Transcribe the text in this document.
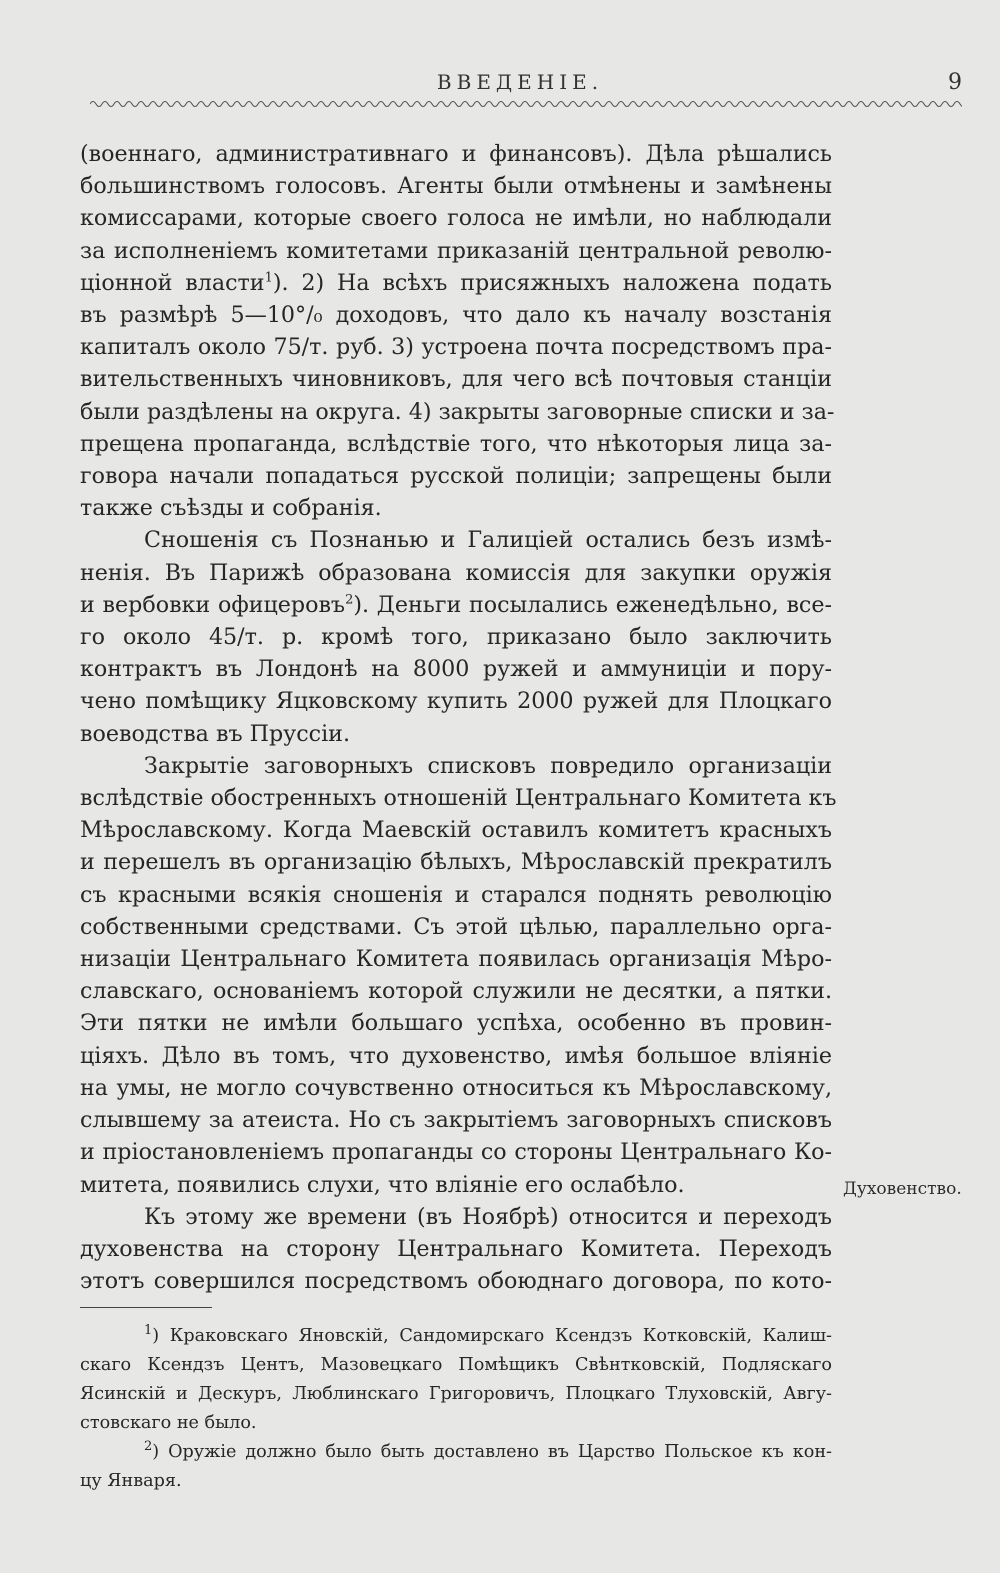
ВВЕДЕНІЕ.	9
(военнаго, административнаго и финансовъ). Дѣла рѣшались
большинствомъ голосовъ. Агенты были отмѣнены и замѣнены
комиссарами, которые своего голоса не имѣли, но наблюдали
за исполненіемъ комитетами приказаній центральной револю-
ціонной власти$^1$). 2) На всѣхъ присяжныхъ наложена подать
въ размѣрѣ 5—10°/₀ доходовъ, что дало къ началу возстанія
капиталъ около 75/т. руб. 3) устроена почта посредствомъ пра-
вительственныхъ чиновниковъ, для чего всѣ почтовыя станціи
были раздѣлены на округа. 4) закрыты заговорные списки и за-
прещена пропаганда, вслѣдствіе того, что нѣкоторыя лица за-
говора начали попадаться русской полиціи; запрещены были
также съѣзды и собранія.
Сношенія съ Познанью и Галиціей остались безъ измѣ-
ненія. Въ Парижѣ образована комиссія для закупки оружія
и вербовки офицеровъ$^2$). Деньги посылались еженедѣльно, все-
го около 45/т. р. кромѣ того, приказано было заключить
контрактъ въ Лондонѣ на 8000 ружей и аммуниціи и пору-
чено помѣщику Яцковскому купить 2000 ружей для Плоцкаго
воеводства въ Пруссіи.
Закрытіе заговорныхъ списковъ повредило организаціи
вслѣдствіе обостренныхъ отношеній Центральнаго Комитета къ
Мѣрославскому. Когда Маевскій оставилъ комитетъ красныхъ
и перешелъ въ организацію бѣлыхъ, Мѣрославскій прекратилъ
съ красными всякія сношенія и старался поднять революцію
собственными средствами. Съ этой цѣлью, параллельно орга-
низаціи Центральнаго Комитета появилась организація Мѣро-
славскаго, основаніемъ которой служили не десятки, а пятки.
Эти пятки не имѣли большаго успѣха, особенно въ провин-
ціяхъ. Дѣло въ томъ, что духовенство, имѣя большое вліяніе
на умы, не могло сочувственно относиться къ Мѣрославскому,
слывшему за атеиста. Но съ закрытіемъ заговорныхъ списковъ
и пріостановленіемъ пропаганды со стороны Центральнаго Ко-
митета, появились слухи, что вліяніе его ослабѣло.
Къ этому же времени (въ Ноябрѣ) относится и переходъ
духовенства на сторону Центральнаго Комитета. Переходъ
этотъ совершился посредствомъ обоюднаго договора, по кото-
Духовенство.
$^1$) Краковскаго Яновскій, Сандомирскаго Ксендзъ Котковскій, Калиш-
скаго Ксендзъ Центъ, Мазовецкаго Помѣщикъ Свѣнтковскій, Подляскаго
Ясинскій и Дескуръ, Люблинскаго Григоровичъ, Плоцкаго Тлуховскій, Авгу-
стовскаго не было.
$^2$) Оружіе должно было быть доставлено въ Царство Польское къ кон-
цу Января.
